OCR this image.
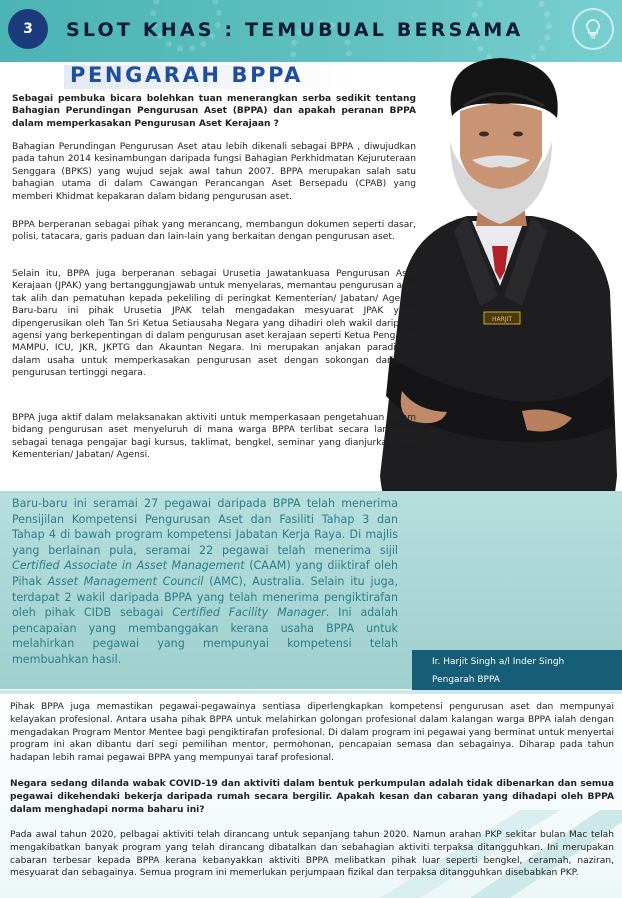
3	SLOT KHAS : TEMUBUAL BERSAMA
PENGARAH BPPA
HARJIT
Sebagai pembuka bicara bolehkan tuan menerangkan serba sedikit tentang Bahagian Perundingan Pengurusan Aset (BPPA) dan apakah peranan BPPA dalam memperkasakan Pengurusan Aset Kerajaan ?
Bahagian Perundingan Pengurusan Aset atau lebih dikenali sebagai BPPA , diwujudkan pada tahun 2014 kesinambungan daripada fungsi Bahagian Perkhidmatan Kejuruteraan Senggara (BPKS) yang wujud sejak awal tahun 2007. BPPA merupakan salah satu bahagian utama di dalam Cawangan Perancangan Aset Bersepadu (CPAB) yang memberi Khidmat kepakaran dalam bidang pengurusan aset.
BPPA berperanan sebagai pihak yang merancang, membangun dokumen seperti dasar, polisi, tatacara, garis paduan dan lain-lain yang berkaitan dengan pengurusan aset.
Selain itu, BPPA juga berperanan sebagai Urusetia Jawatankuasa Pengurusan Aset Kerajaan (JPAK) yang bertanggungjawab untuk menyelaras, memantau pengurusan aset tak alih dan pematuhan kepada pekeliling di peringkat Kementerian/ Jabatan/ Agensi. Baru-baru ini pihak Urusetia JPAK telah mengadakan mesyuarat JPAK yang dipengerusikan oleh Tan Sri Ketua Setiausaha Negara yang dihadiri oleh wakil daripada agensi yang berkepentingan di dalam pengurusan aset kerajaan seperti Ketua Pengarah MAMPU, ICU, JKR, JKPTG dan Akauntan Negara. Ini merupakan anjakan paradigma dalam usaha untuk memperkasakan pengurusan aset dengan sokongan daripada pengurusan tertinggi negara.
BPPA juga aktif dalam melaksanakan aktiviti untuk memperkasaan pengetahuan dalam bidang pengurusan aset menyeluruh di mana warga BPPA terlibat secara langsung sebagai tenaga pengajar bagi kursus, taklimat, bengkel, seminar yang dianjurkan oleh Kementerian/ Jabatan/ Agensi.
Baru-baru ini seramai 27 pegawai daripada BPPA telah menerima Pensijilan Kompetensi Pengurusan Aset dan Fasiliti Tahap 3 dan Tahap 4 di bawah program kompetensi Jabatan Kerja Raya. Di majlis yang berlainan pula, seramai 22 pegawai telah menerima sijil Certified Associate in Asset Management (CAAM) yang diiktiraf oleh Pihak Asset Management Council (AMC), Australia. Selain itu juga, terdapat 2 wakil daripada BPPA yang telah menerima pengiktirafan oleh pihak CIDB sebagai Certified Facility Manager. Ini adalah pencapaian yang membanggakan kerana usaha BPPA untuk melahirkan pegawai yang mempunyai kompetensi telah membuahkan hasil.	Ir. Harjit Singh a/l Inder Singh
Pengarah BPPA
Pihak BPPA juga memastikan pegawai-pegawainya sentiasa diperlengkapkan kompetensi pengurusan aset dan mempunyai kelayakan profesional. Antara usaha pihak BPPA untuk melahirkan golongan profesional dalam kalangan warga BPPA ialah dengan mengadakan Program Mentor Mentee bagi pengiktirafan profesional. Di dalam program ini pegawai yang berminat untuk menyertai program ini akan dibantu dari segi pemilihan mentor, permohonan, pencapaian semasa dan sebagainya. Diharap pada tahun hadapan lebih ramai pegawai BPPA yang mempunyai taraf profesional.
Negara sedang dilanda wabak COVID-19 dan aktiviti dalam bentuk perkumpulan adalah tidak dibenarkan dan semua pegawai dikehendaki bekerja daripada rumah secara bergilir. Apakah kesan dan cabaran yang dihadapi oleh BPPA dalam menghadapi norma baharu ini?
Pada awal tahun 2020, pelbagai aktiviti telah dirancang untuk sepanjang tahun 2020. Namun arahan PKP sekitar bulan Mac telah mengakibatkan banyak program yang telah dirancang dibatalkan dan sebahagian aktiviti terpaksa ditangguhkan. Ini merupakan cabaran terbesar kepada BPPA kerana kebanyakkan aktiviti BPPA melibatkan pihak luar seperti bengkel, ceramah, naziran, mesyuarat dan sebagainya. Semua program ini memerlukan perjumpaan fizikal dan terpaksa ditangguhkan disebabkan PKP.
